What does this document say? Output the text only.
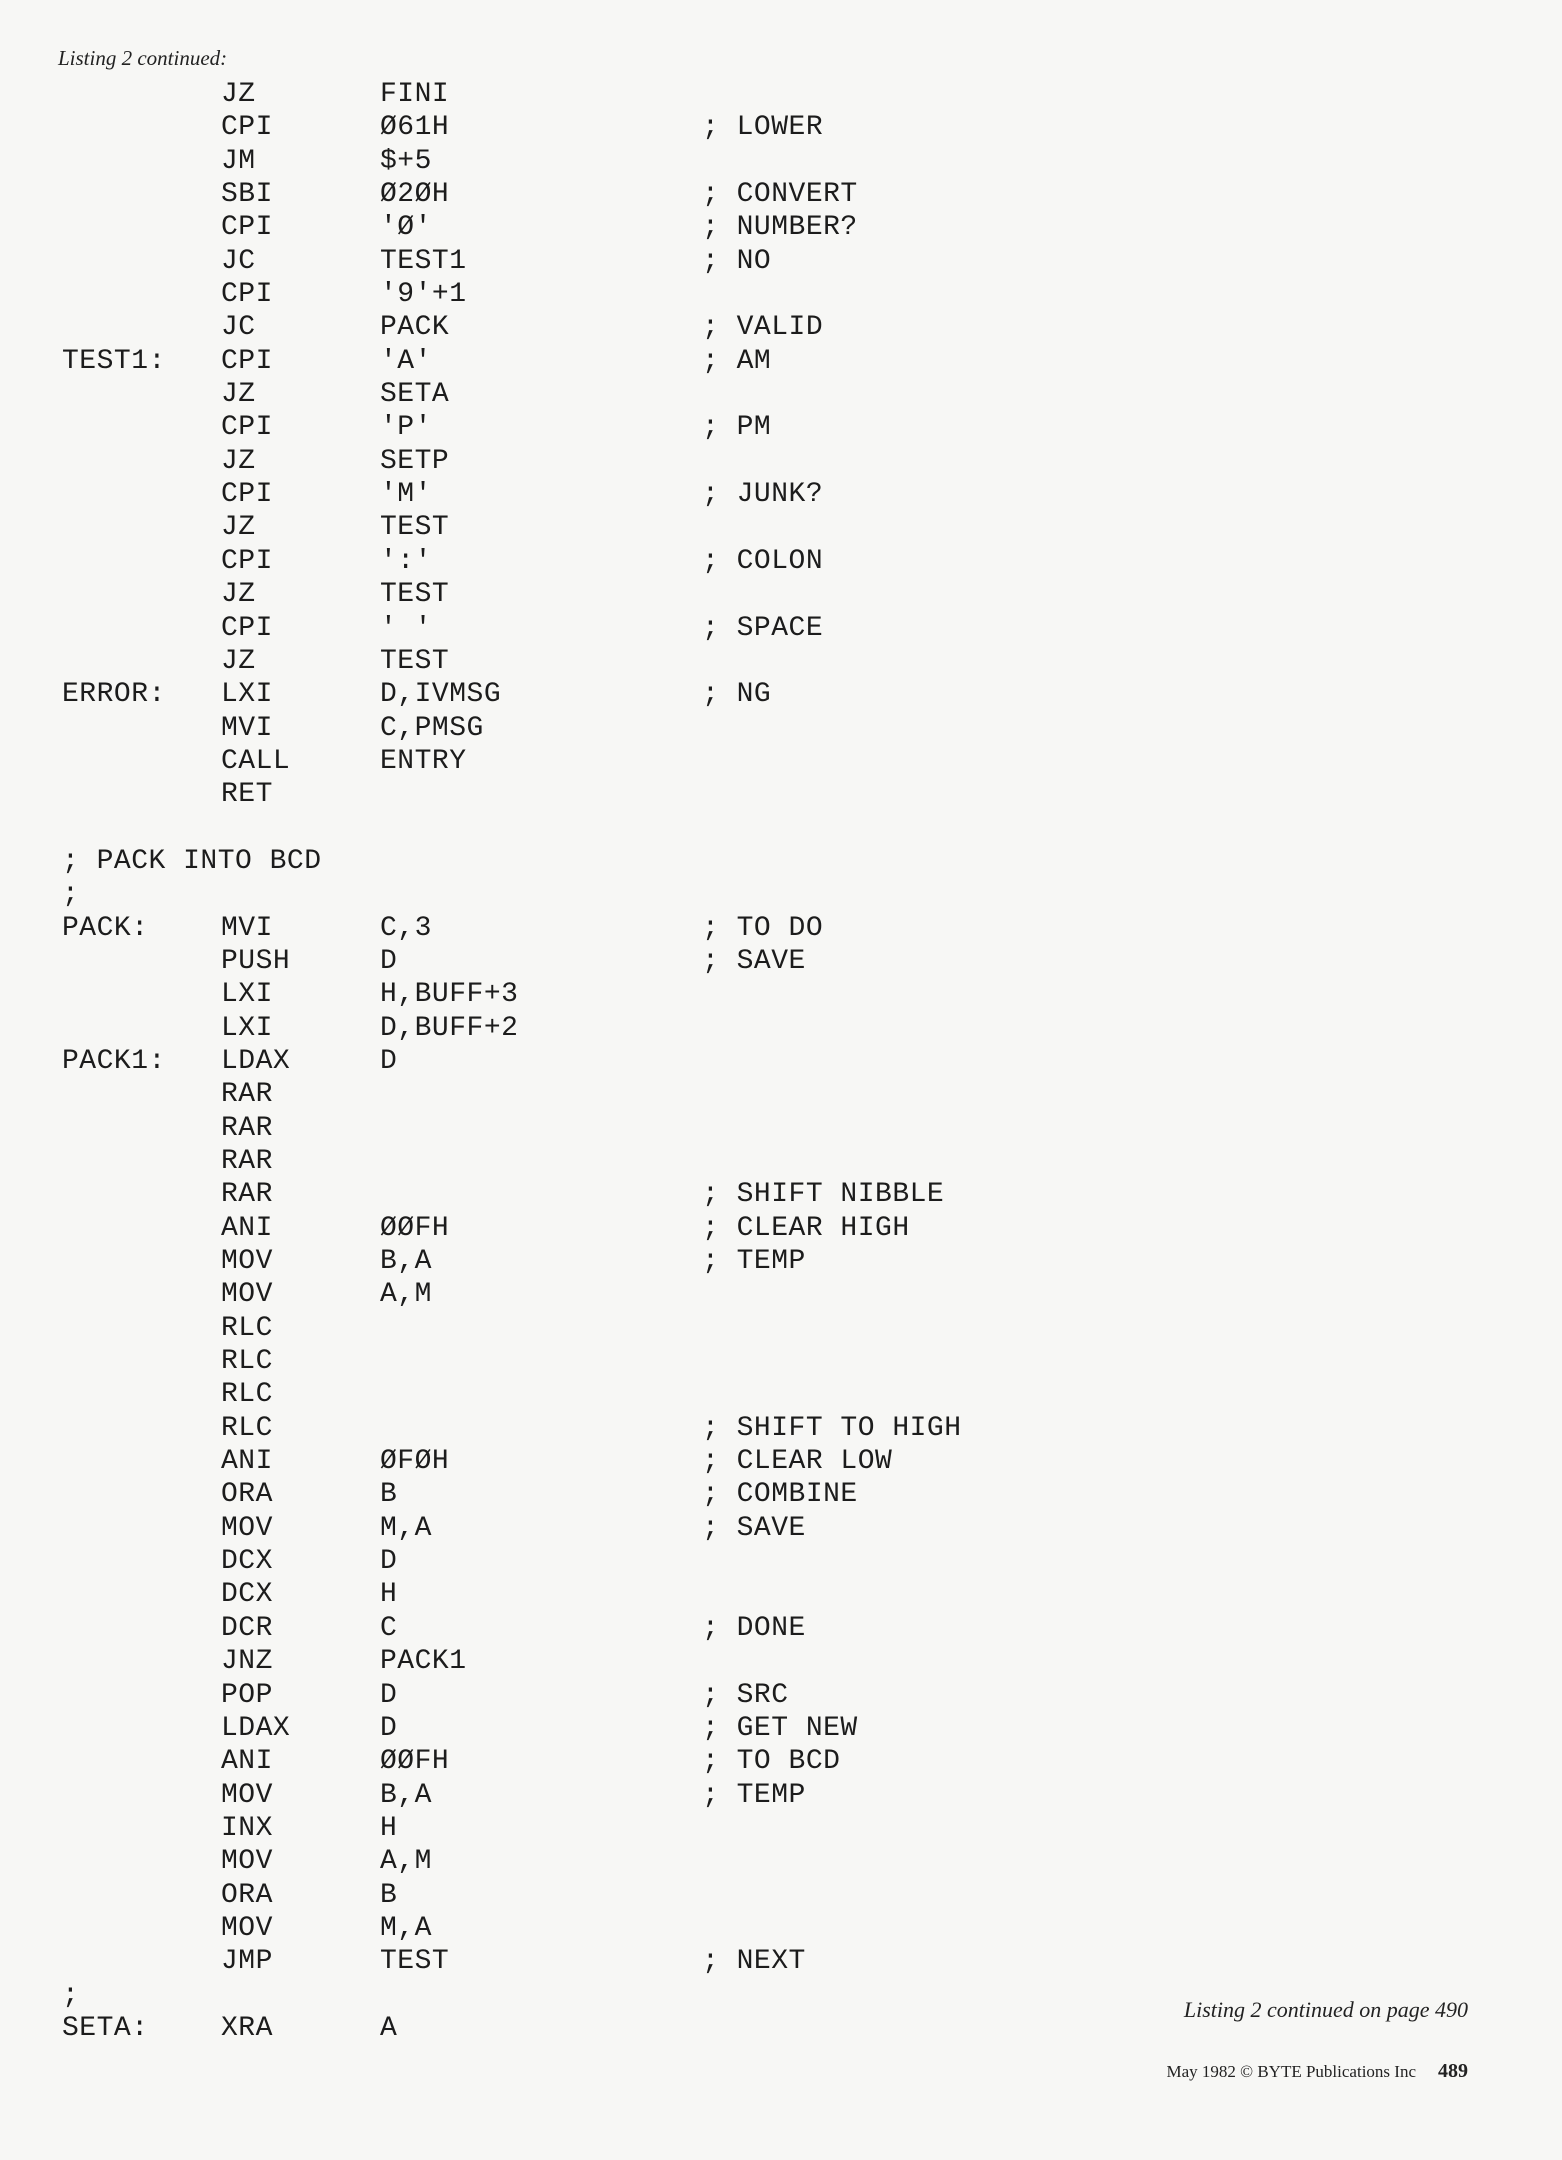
Listing 2 continued:
JZ	FINI
CPI	Ø61H	; LOWER
JM	$+5
SBI	Ø2ØH	; CONVERT
CPI	'Ø'	; NUMBER?
JC	TEST1	; NO
CPI	'9'+1
JC	PACK	; VALID
TEST1: CPI	'A'	; AM
JZ	SETA
CPI	'P'	; PM
JZ	SETP
CPI	'M'	; JUNK?
JZ	TEST
CPI	':'	; COLON
JZ	TEST
CPI	' '	; SPACE
JZ	TEST
ERROR: LXI	D,IVMSG	; NG
MVI	C,PMSG
CALL	ENTRY
RET
; PACK INTO BCD
;
PACK:	MVI	C,3	; TO DO
PUSH	D	; SAVE
LXI	H,BUFF+3
LXI	D,BUFF+2
PACK1: LDAX	D
RAR
RAR
RAR
RAR	; SHIFT NIBBLE
ANI	ØØFH	; CLEAR HIGH
MOV	B,A	; TEMP
MOV	A,M
RLC
RLC
RLC
RLC	; SHIFT TO HIGH
ANI	ØFØH	; CLEAR LOW
ORA	B	; COMBINE
MOV	M,A	; SAVE
DCX	D
DCX	H
DCR	C	; DONE
JNZ	PACK1
POP	D	; SRC
LDAX	D	; GET NEW
ANI	ØØFH	; TO BCD
MOV	B,A	; TEMP
INX	H
MOV	A,M
ORA	B
MOV	M,A
JMP	TEST	; NEXT
;
SETA:	XRA	A
Listing 2 continued on page 490
May 1982 © BYTE Publications Inc 489
